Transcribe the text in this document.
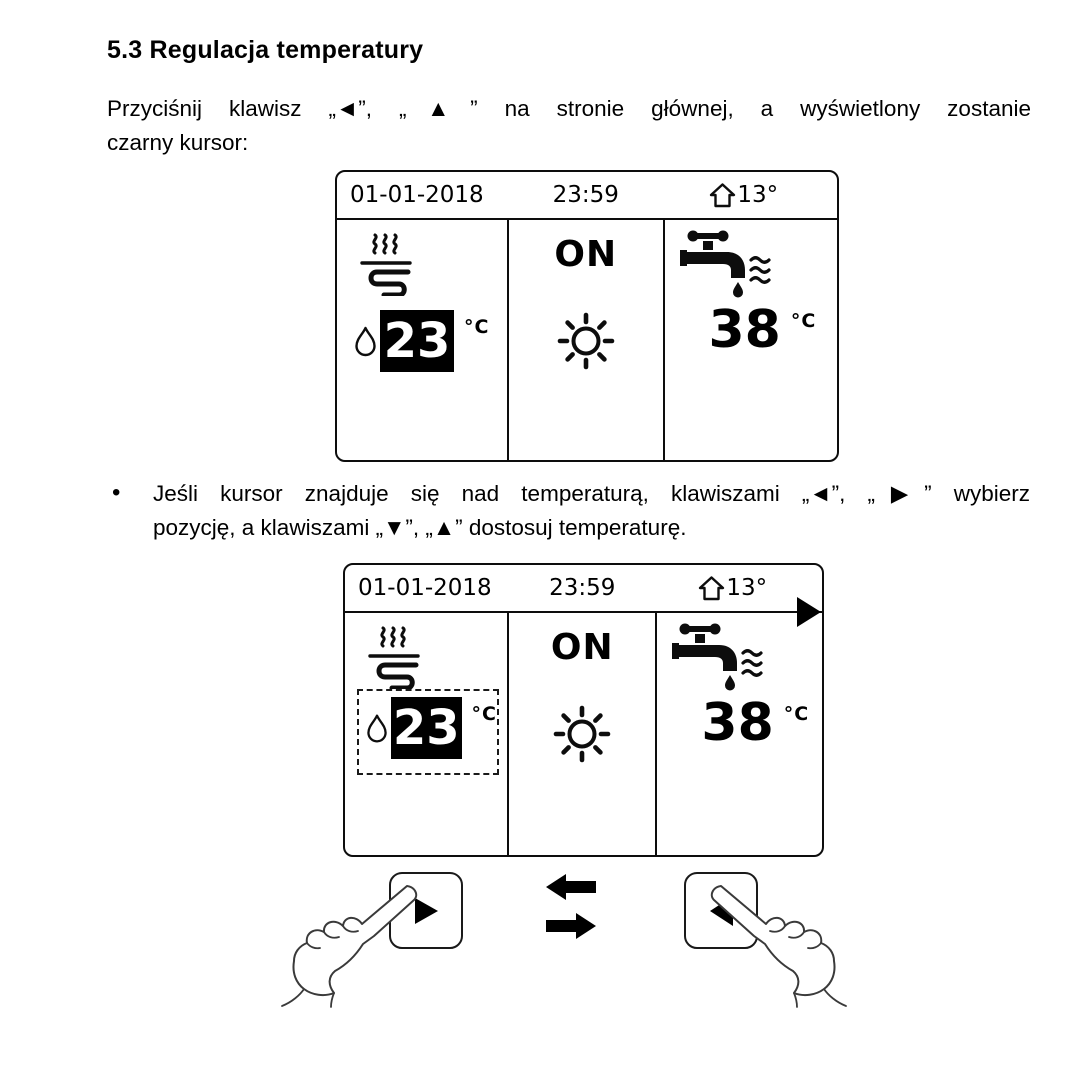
5.3 Regulacja temperatury
Przyciśnij klawisz „◄”, „▲” na stronie głównej, a wyświetlony zostanie
czarny kursor:
01-01-2018	23:59	13°
23 °C
ON
38 °C
• Jeśli kursor znajduje się nad temperaturą, klawiszami „◄”, „▶” wybierz
pozycję, a klawiszami „▼”, „▲” dostosuj temperaturę.
01-01-2018	23:59	13°
23 °C
ON
38 °C
